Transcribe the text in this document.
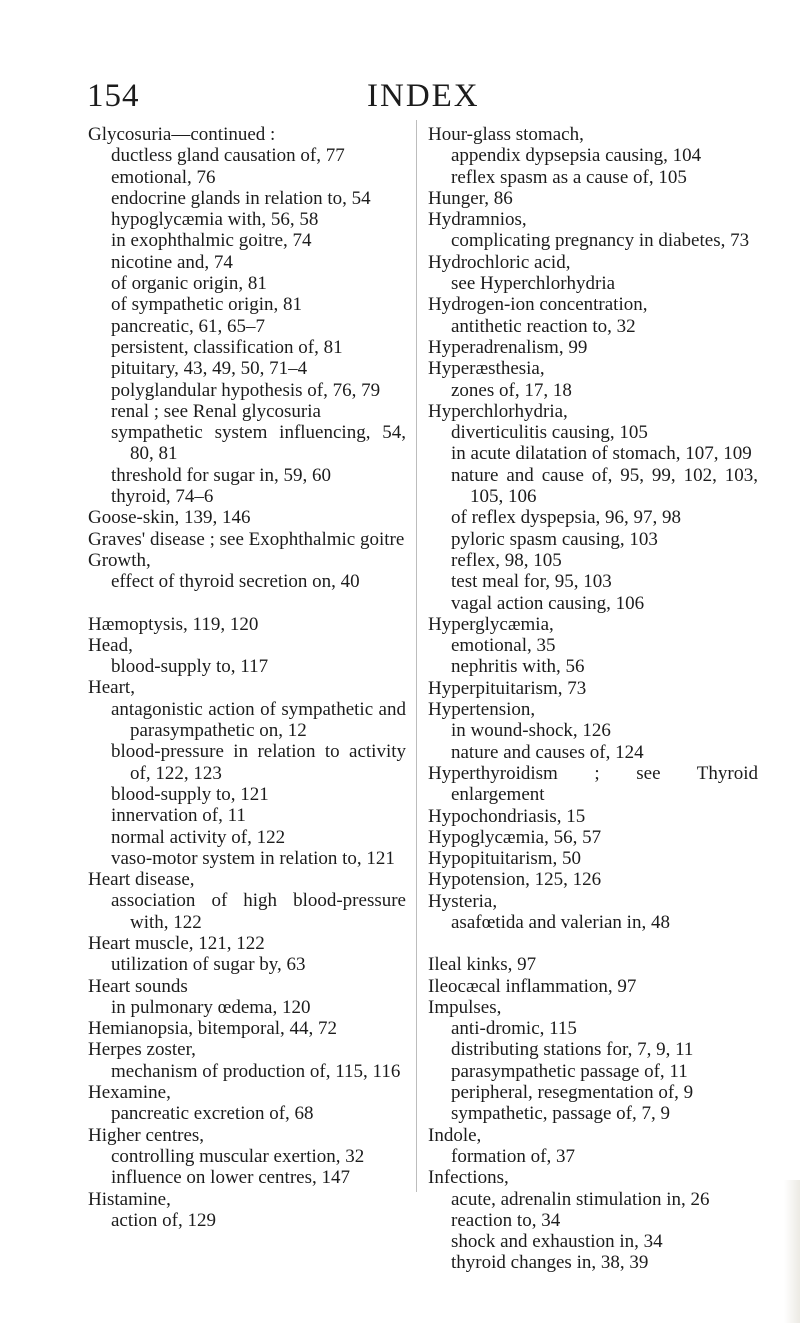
154	INDEX

Glycosuria—continued :

ductless gland causation of, 77

emotional, 76

endocrine glands in relation to, 54

hypoglycæmia with, 56, 58

in exophthalmic goitre, 74

nicotine and, 74

of organic origin, 81

of sympathetic origin, 81

pancreatic, 61, 65–7

persistent, classification of, 81

pituitary, 43, 49, 50, 71–4

polyglandular hypothesis of, 76, 79

renal ; see Renal glycosuria

sympathetic system influencing, 54, 80, 81

threshold for sugar in, 59, 60

thyroid, 74–6

Goose-skin, 139, 146

Graves' disease ; see Exophthalmic goitre

Growth,

effect of thyroid secretion on, 40

Hæmoptysis, 119, 120

Head,

blood-supply to, 117

Heart,

antagonistic action of sympathetic and parasympathetic on, 12

blood-pressure in relation to activity of, 122, 123

blood-supply to, 121

innervation of, 11

normal activity of, 122

vaso-motor system in relation to, 121

Heart disease,

association of high blood-pressure with, 122

Heart muscle, 121, 122

utilization of sugar by, 63

Heart sounds

in pulmonary œdema, 120

Hemianopsia, bitemporal, 44, 72

Herpes zoster,

mechanism of production of, 115, 116

Hexamine,

pancreatic excretion of, 68

Higher centres,

controlling muscular exertion, 32

influence on lower centres, 147

Histamine,

action of, 129

Hour-glass stomach,

appendix dypsepsia causing, 104

reflex spasm as a cause of, 105

Hunger, 86

Hydramnios,

complicating pregnancy in diabetes, 73

Hydrochloric acid,

see Hyperchlorhydria

Hydrogen-ion concentration,

antithetic reaction to, 32

Hyperadrenalism, 99

Hyperæsthesia,

zones of, 17, 18

Hyperchlorhydria,

diverticulitis causing, 105

in acute dilatation of stomach, 107, 109

nature and cause of, 95, 99, 102, 103, 105, 106

of reflex dyspepsia, 96, 97, 98

pyloric spasm causing, 103

reflex, 98, 105

test meal for, 95, 103

vagal action causing, 106

Hyperglycæmia,

emotional, 35

nephritis with, 56

Hyperpituitarism, 73

Hypertension,

in wound-shock, 126

nature and causes of, 124

Hyperthyroidism ; see Thyroid enlargement

Hypochondriasis, 15

Hypoglycæmia, 56, 57

Hypopituitarism, 50

Hypotension, 125, 126

Hysteria,

asafœtida and valerian in, 48

Ileal kinks, 97

Ileocæcal inflammation, 97

Impulses,

anti-dromic, 115

distributing stations for, 7, 9, 11

parasympathetic passage of, 11

peripheral, resegmentation of, 9

sympathetic, passage of, 7, 9

Indole,

formation of, 37

Infections,

acute, adrenalin stimulation in, 26

reaction to, 34

shock and exhaustion in, 34

thyroid changes in, 38, 39
